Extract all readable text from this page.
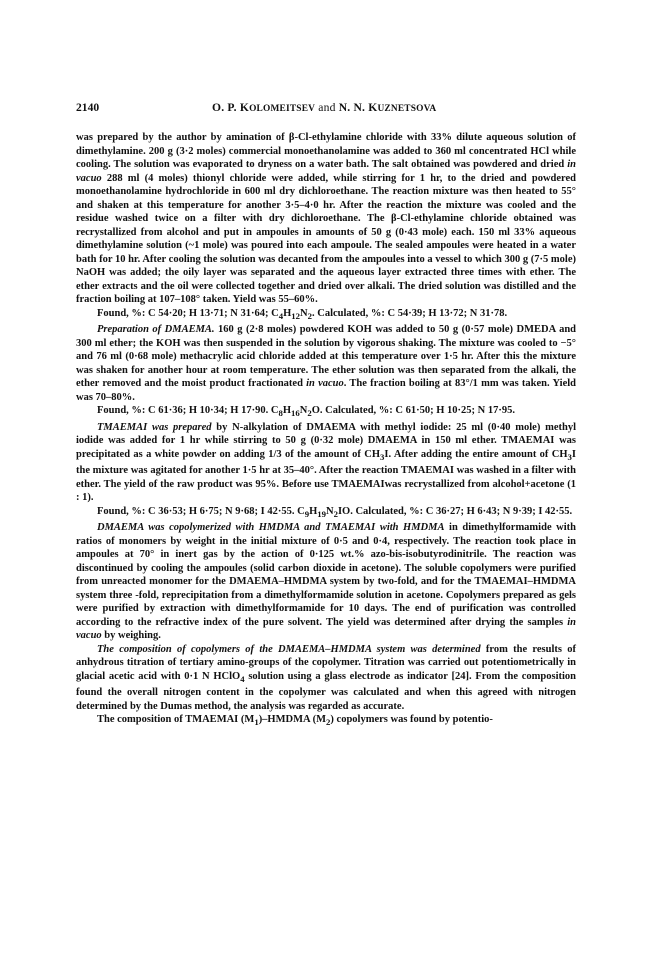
2140	O. P. KOLOMEITSEV and N. N. KUZNETSOVA

was prepared by the author by amination of β-Cl-ethylamine chloride with 33% dilute aqueous solution of dimethylamine. 200 g (3·2 moles) commercial monoethanolamine was added to 360 ml concentrated HCl while cooling. The solution was evaporated to dryness on a water bath. The salt obtained was powdered and dried in vacuo 288 ml (4 moles) thionyl chloride were added, while stirring for 1 hr, to the dried and powdered monoethanolamine hydrochloride in 600 ml dry dichloroethane. The reaction mixture was then heated to 55° and shaken at this temperature for another 3·5–4·0 hr. After the reaction the mixture was cooled and the residue washed twice on a filter with dry dichloroethane. The β-Cl-ethylamine chloride obtained was recrystallized from alcohol and put in ampoules in amounts of 50 g (0·43 mole) each. 150 ml 33% aqueous dimethylamine solution (~1 mole) was poured into each ampoule. The sealed ampoules were heated in a water bath for 10 hr. After cooling the solution was decanted from the ampoules into a vessel to which 300 g (7·5 mole) NaOH was added; the oily layer was separated and the aqueous layer extracted three times with ether. The ether extracts and the oil were collected together and dried over alkali. The dried solution was distilled and the fraction boiling at 107–108° taken. Yield was 55–60%.

Found, %: C 54·20; H 13·71; N 31·64; $C_4H_{12}N_2$. Calculated, %: C 54·39; H 13·72; N 31·78.

Preparation of DMAEMA. 160 g (2·8 moles) powdered KOH was added to 50 g (0·57 mole) DMEDA and 300 ml ether; the KOH was then suspended in the solution by vigorous shaking. The mixture was cooled to −5° and 76 ml (0·68 mole) methacrylic acid chloride added at this temperature over 1·5 hr. After this the mixture was shaken for another hour at room temperature. The ether solution was then separated from the alkali, the ether removed and the moist product fractionated in vacuo. The fraction boiling at 83°/1 mm was taken. Yield was 70–80%.

Found, %: C 61·36; H 10·34; H 17·90. $C_8H_{16}N_2O$. Calculated, %: C 61·50; H 10·25; N 17·95.

TMAEMAI was prepared by N-alkylation of DMAEMA with methyl iodide: 25 ml (0·40 mole) methyl iodide was added for 1 hr while stirring to 50 g (0·32 mole) DMAEMA in 150 ml ether. TMAEMAI was precipitated as a white powder on adding 1/3 of the amount of $CH_3I$. After adding the entire amount of $CH_3I$ the mixture was agitated for another 1·5 hr at 35–40°. After the reaction TMAEMAI was washed in a filter with ether. The yield of the raw product was 95%. Before use TMAEMAIwas recrystallized from alcohol+acetone (1 : 1).

Found, %: C 36·53; H 6·75; N 9·68; I 42·55. $C_9H_{19}N_2IO$. Calculated, %: C 36·27; H 6·43; N 9·39; I 42·55.

DMAEMA was copolymerized with HMDMA and TMAEMAI with HMDMA in dimethylformamide with ratios of monomers by weight in the initial mixture of 0·5 and 0·4, respectively. The reaction took place in ampoules at 70° in inert gas by the action of 0·125 wt.% azo-bis-isobutyrodinitrile. The reaction was discontinued by cooling the ampoules (solid carbon dioxide in acetone). The soluble copolymers were purified from unreacted monomer for the DMAEMA–HMDMA system by two-fold, and for the TMAEMAI–HMDMA system three -fold, reprecipitation from a dimethylformamide solution in acetone. Copolymers prepared as gels were purified by extraction with dimethylformamide for 10 days. The end of purification was controlled according to the refractive index of the pure solvent. The yield was determined after drying the samples in vacuo by weighing.

The composition of copolymers of the DMAEMA–HMDMA system was determined from the results of anhydrous titration of tertiary amino-groups of the copolymer. Titration was carried out potentiometrically in glacial acetic acid with 0·1 N HClO$_4$ solution using a glass electrode as indicator [24]. From the composition found the overall nitrogen content in the copolymer was calculated and when this agreed with nitrogen determined by the Dumas method, the analysis was regarded as accurate.

The composition of TMAEMAI $(M_1)$–HMDMA $(M_2)$ copolymers was found by potentio-
